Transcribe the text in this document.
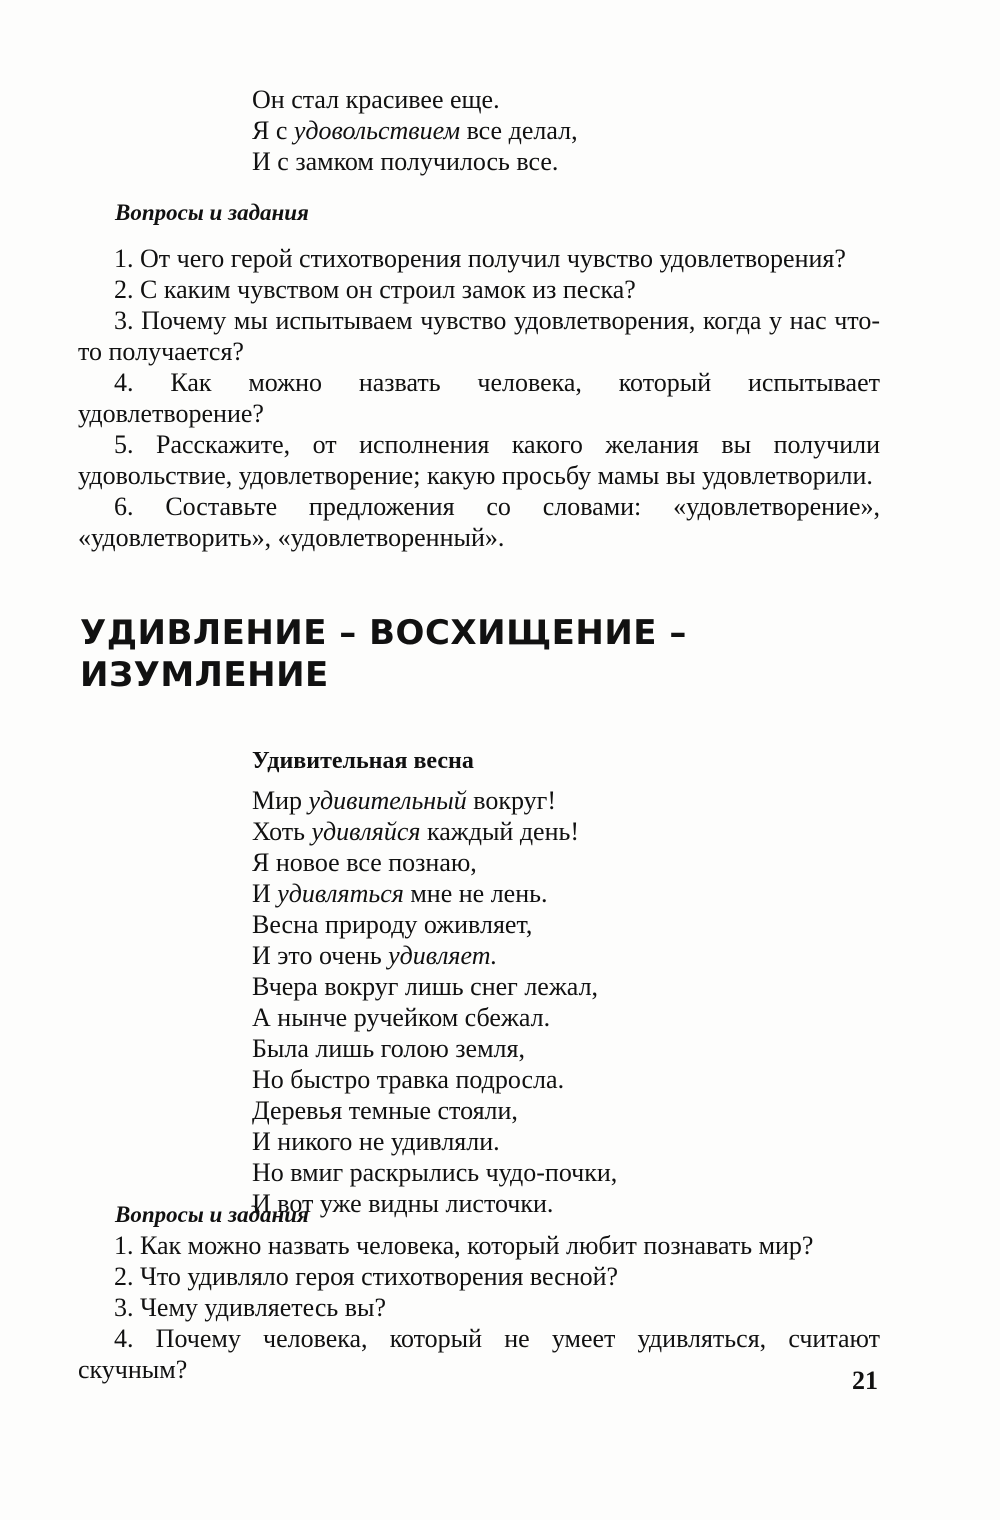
Он стал красивее еще.
Я с удовольствием все делал,
И с замком получилось все.
Вопросы и задания

1. От чего герой стихотворения получил чувство удовлетворения?

2. С каким чувством он строил замок из песка?

3. Почему мы испытываем чувство удовлетворения, когда у нас что-то получается?

4. Как можно назвать человека, который испытывает удовлетворение?

5. Расскажите, от исполнения какого желания вы получили удовольствие, удовлетворение; какую просьбу мамы вы удовлетворили.

6. Составьте предложения со словами: «удовлетворение», «удовлетворить», «удовлетворенный».

УДИВЛЕНИЕ – ВОСХИЩЕНИЕ –
ИЗУМЛЕНИЕ
Удивительная весна
Мир удивительный вокруг!
Хоть удивляйся каждый день!
Я новое все познаю,
И удивляться мне не лень.
Весна природу оживляет,
И это очень удивляет.
Вчера вокруг лишь снег лежал,
А нынче ручейком сбежал.
Была лишь голою земля,
Но быстро травка подросла.
Деревья темные стояли,
И никого не удивляли.
Но вмиг раскрылись чудо-почки,
И вот уже видны листочки.
Вопросы и задания

1. Как можно назвать человека, который любит познавать мир?

2. Что удивляло героя стихотворения весной?

3. Чему удивляетесь вы?

4. Почему человека, который не умеет удивляться, считают скучным?	21
